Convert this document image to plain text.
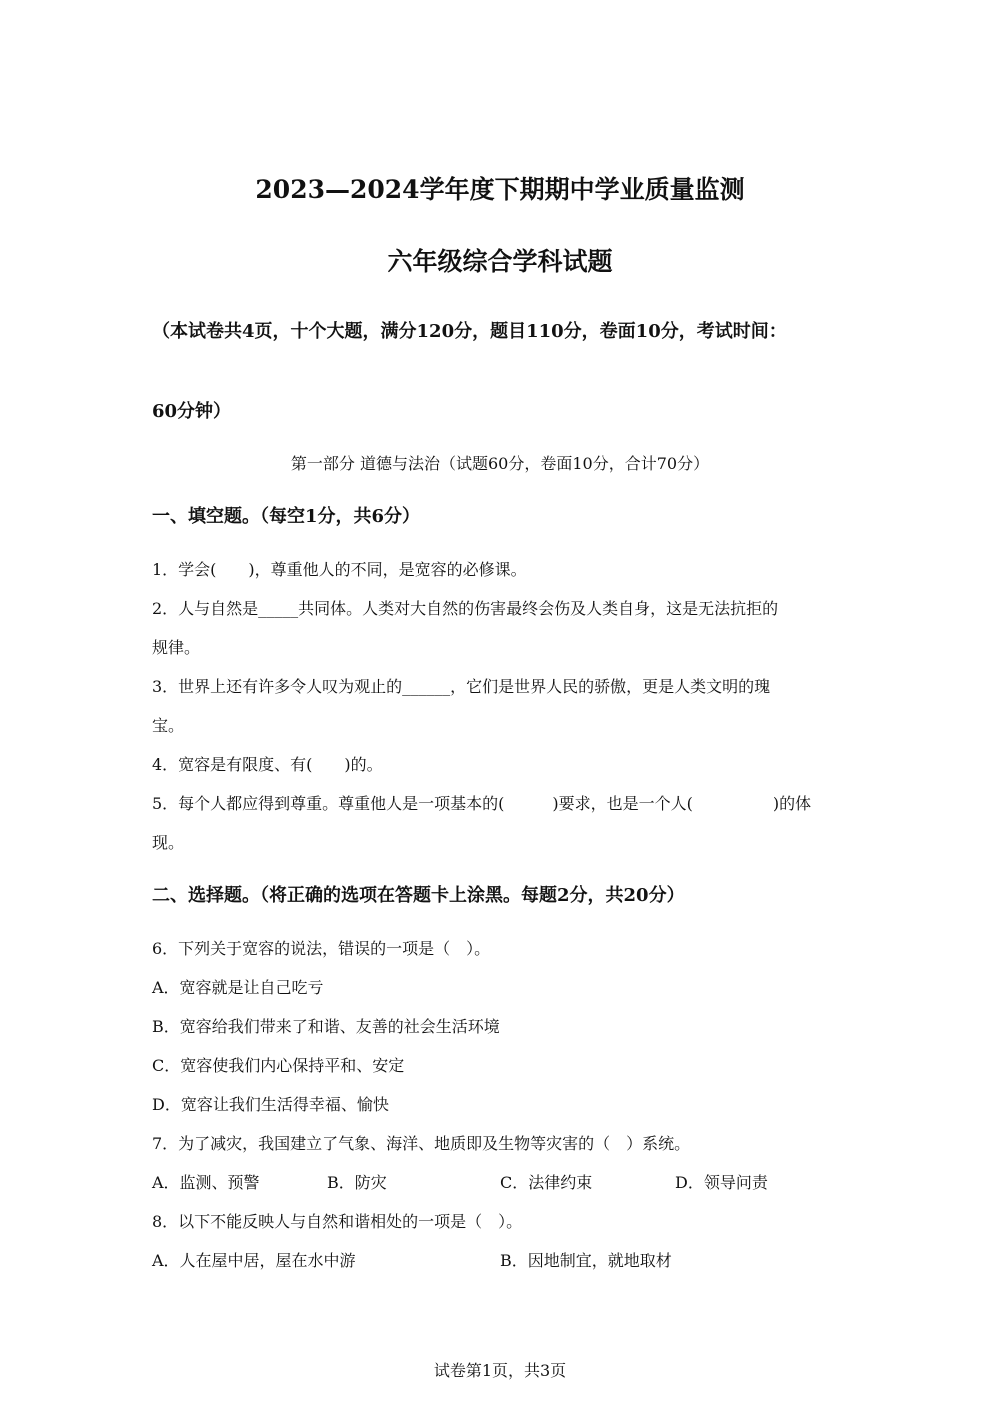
2023—2024学年度下期期中学业质量监测
六年级综合学科试题
（本试卷共4页，十个大题，满分120分，题目110分，卷面10分，考试时间：
60分钟）
第一部分 道德与法治（试题60分，卷面10分，合计70分）
一、填空题。（每空1分，共6分）
1．学会(　　)，尊重他人的不同，是宽容的必修课。
2．人与自然是_____共同体。人类对大自然的伤害最终会伤及人类自身，这是无法抗拒的
规律。
3．世界上还有许多令人叹为观止的______，它们是世界人民的骄傲，更是人类文明的瑰
宝。
4．宽容是有限度、有(　　)的。
5．每个人都应得到尊重。尊重他人是一项基本的(　　　)要求，也是一个人(　　　　　)的体
现。
二、选择题。（将正确的选项在答题卡上涂黑。每题2分，共20分）
6．下列关于宽容的说法，错误的一项是（　）。
A．宽容就是让自己吃亏
B．宽容给我们带来了和谐、友善的社会生活环境
C．宽容使我们内心保持平和、安定
D．宽容让我们生活得幸福、愉快
7．为了减灾，我国建立了气象、海洋、地质即及生物等灾害的（　）系统。
A．监测、预警	B．防灾	C．法律约束	D．领导问责
8．以下不能反映人与自然和谐相处的一项是（　）。
A．人在屋中居，屋在水中游	B．因地制宜，就地取材
试卷第1页，共3页
